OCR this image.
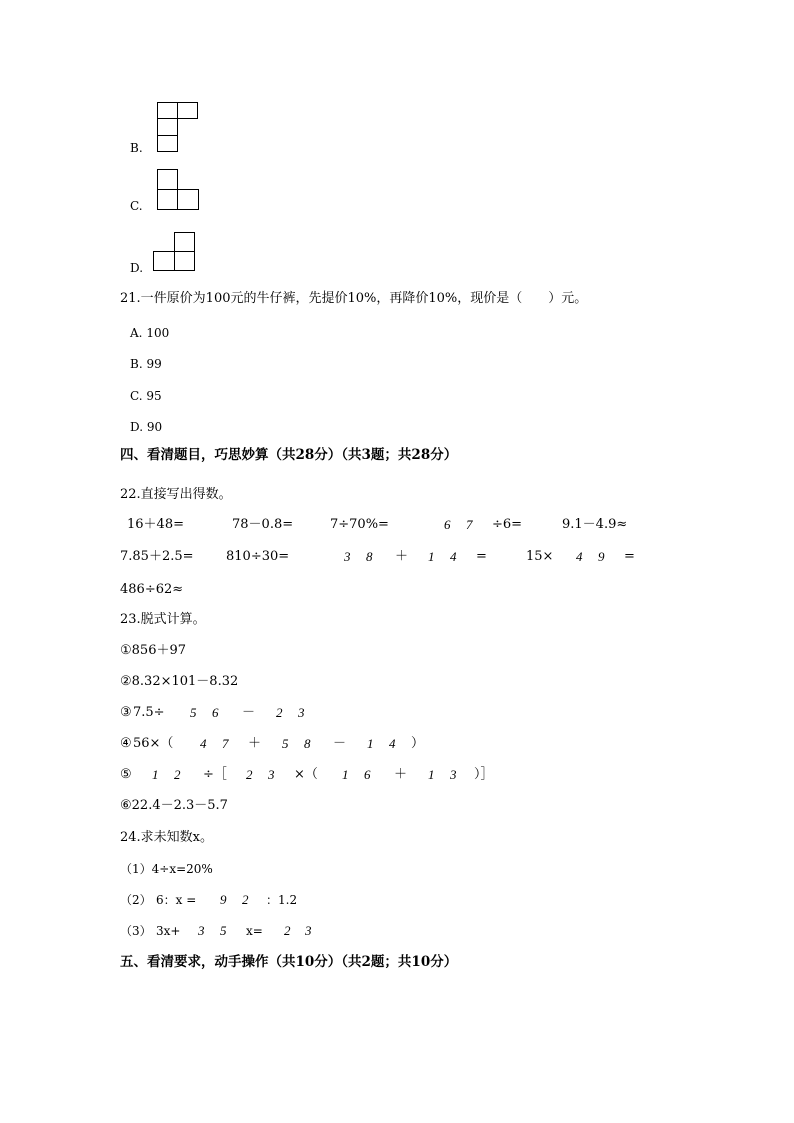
B.
C.
D.
21.一件原价为100元的牛仔裤，先提价10%，再降价10%，现价是（　　）元。
A. 100
B. 99
C. 95
D. 90
四、看清题目，巧思妙算（共28分）（共3题；共28分）
22.直接写出得数。
16＋48=	78－0.8=	7÷70%=	6 7 ÷6=	9.1－4.9≈
7.85＋2.5= 810÷30=	3 8 ＋ 1 4 =	15× 4 9 =
486÷62≈
23.脱式计算。
①856＋97
②8.32×101－8.32
③ 7.5÷ 5 6 － 2 3
④ 56×（ 4 7 ＋ 5 8 － 1 4 ）
⑤ 1 2 ÷［ 2 3 ×（ 1 6 ＋ 1 3 ）］
⑥22.4－2.3－5.7
24.求未知数x。
（1）4÷x=20%
（2） 6：x = 9 2 ：1.2
（3） 3x+ 3 5 x= 2 3
五、看清要求，动手操作（共10分）（共2题；共10分）
